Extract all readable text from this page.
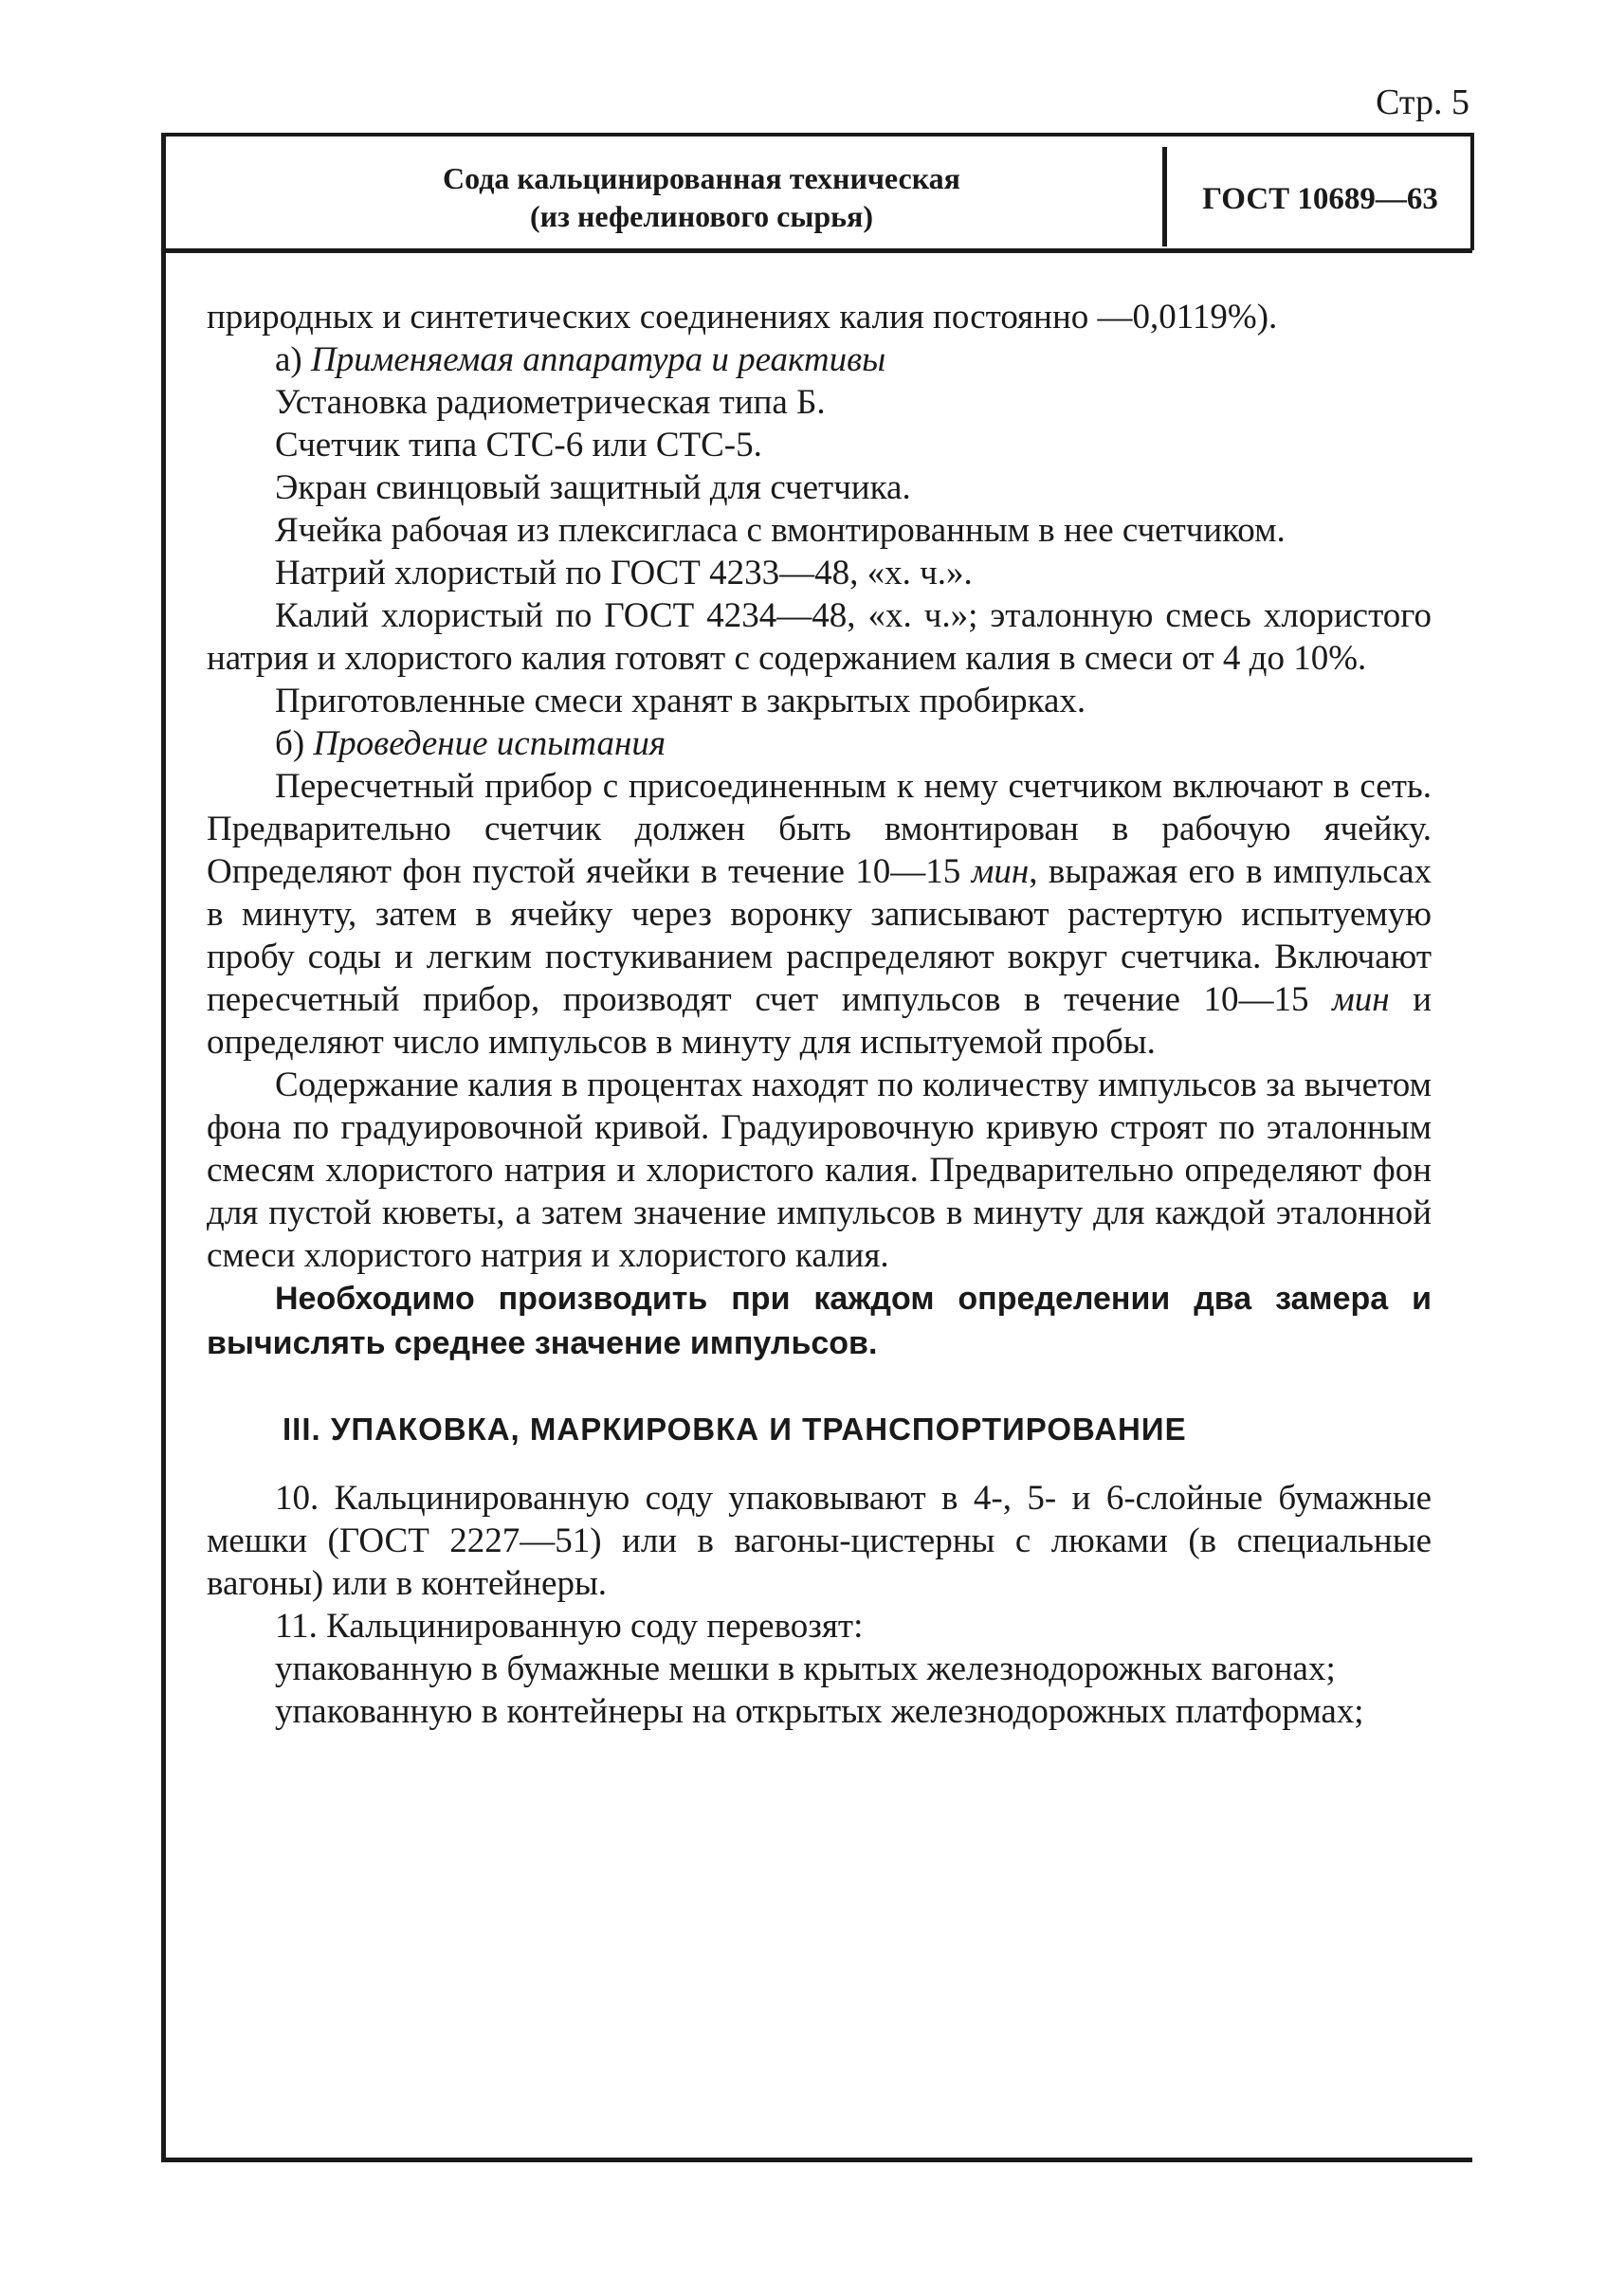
Стр. 5
Сода кальцинированная техническая
(из нефелинового сырья)	ГОСТ 10689—63

природных и синтетических соединениях калия постоянно —0,0119%).

а) Применяемая аппаратура и реактивы

Установка радиометрическая типа Б.

Счетчик типа СТС-6 или СТС-5.

Экран свинцовый защитный для счетчика.

Ячейка рабочая из плексигласа с вмонтированным в нее счетчиком.

Натрий хлористый по ГОСТ 4233—48, «х. ч.».

Калий хлористый по ГОСТ 4234—48, «х. ч.»; эталонную смесь хлористого натрия и хлористого калия готовят с содержанием калия в смеси от 4 до 10%.

Приготовленные смеси хранят в закрытых пробирках.

б) Проведение испытания

Пересчетный прибор с присоединенным к нему счетчиком включают в сеть. Предварительно счетчик должен быть вмонтирован в рабочую ячейку. Определяют фон пустой ячейки в течение 10—15 мин, выражая его в импульсах в минуту, затем в ячейку через воронку записывают растертую испытуемую пробу соды и легким постукиванием распределяют вокруг счетчика. Включают пересчетный прибор, производят счет импульсов в течение 10—15 мин и определяют число импульсов в минуту для испытуемой пробы.

Содержание калия в процентах находят по количеству импульсов за вычетом фона по градуировочной кривой. Градуировочную кривую строят по эталонным смесям хлористого натрия и хлористого калия. Предварительно определяют фон для пустой кюветы, а затем значение импульсов в минуту для каждой эталонной смеси хлористого натрия и хлористого калия.

Необходимо производить при каждом определении два замера и вычислять среднее значение импульсов.

III. УПАКОВКА, МАРКИРОВКА И ТРАНСПОРТИРОВАНИЕ

10. Кальцинированную соду упаковывают в 4-, 5- и 6-слойные бумажные мешки (ГОСТ 2227—51) или в вагоны-цистерны с люками (в специальные вагоны) или в контейнеры.

11. Кальцинированную соду перевозят:

упакованную в бумажные мешки в крытых железнодорожных вагонах;

упакованную в контейнеры на открытых железнодорожных платформах;
